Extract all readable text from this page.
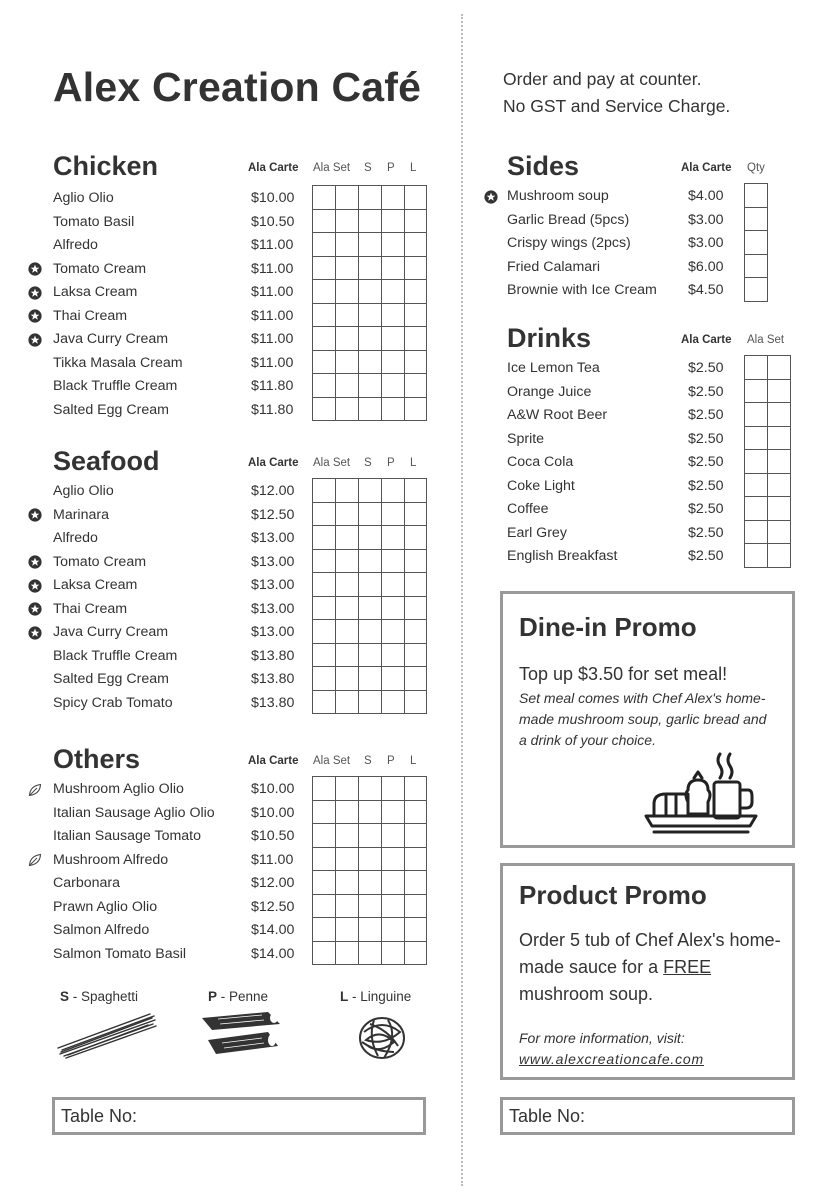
Alex Creation Café	Order and pay at counter.
No GST and Service Charge.
Chicken	Ala Carte Ala Set S P L
Aglio Olio	$10.00
Tomato Basil	$10.50
Alfredo	$11.00
Tomato Cream	$11.00
Laksa Cream	$11.00
Thai Cream	$11.00
Java Curry Cream	$11.00
Tikka Masala Cream	$11.00
Black Truffle Cream	$11.80
Salted Egg Cream	$11.80

Seafood	Ala Carte Ala Set S P L
Aglio Olio	$12.00
Marinara	$12.50
Alfredo	$13.00
Tomato Cream	$13.00
Laksa Cream	$13.00
Thai Cream	$13.00
Java Curry Cream	$13.00
Black Truffle Cream	$13.80
Salted Egg Cream	$13.80
Spicy Crab Tomato	$13.80

Others	Ala Carte Ala Set S P L
Mushroom Aglio Olio	$10.00
Italian Sausage Aglio Olio	$10.00
Italian Sausage Tomato	$10.50
Mushroom Alfredo	$11.00
Carbonara	$12.00
Prawn Aglio Olio	$12.50
Salmon Alfredo	$14.00
Salmon Tomato Basil	$14.00

Sides	Ala Carte Qty
Mushroom soup	$4.00
Garlic Bread (5pcs)	$3.00
Crispy wings (2pcs)	$3.00
Fried Calamari	$6.00
Brownie with Ice Cream $4.50

Drinks	Ala Carte Ala Set
Ice Lemon Tea	$2.50
Orange Juice	$2.50
A&W Root Beer	$2.50
Sprite	$2.50
Coca Cola	$2.50
Coke Light	$2.50
Coffee	$2.50
Earl Grey	$2.50
English Breakfast	$2.50

S - Spaghetti	P - Penne	L - Linguine
Table No:	Table No:
Dine-in Promo
Top up $3.50 for set meal!
Set meal comes with Chef Alex's home-made mushroom soup, garlic bread and a drink of your choice.
Product Promo
Order 5 tub of Chef Alex's home-made sauce for a FREE mushroom soup.
For more information, visit:
www.alexcreationcafe.com
